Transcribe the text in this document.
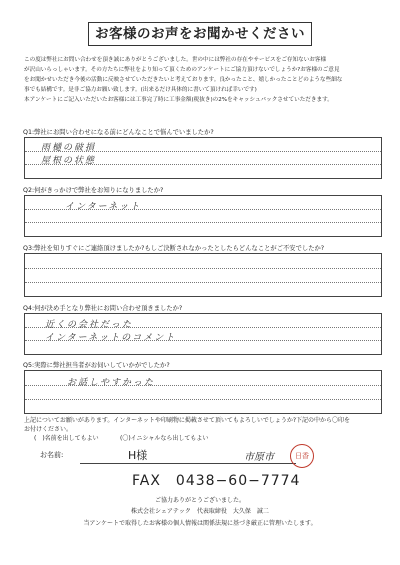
お客様のお声をお聞かせください
この度は弊社にお問い合わせを頂き誠にありがとうございました。世の中には弊社の存在やサービスをご存知ないお客様
が沢山いらっしゃいます。その方たちに弊社をより知って頂くためのアンケートにご協力頂けないでしょうか?お客様のご意見
をお聞かせいただき今後の活動に反映させていただきたいと考えております。良かったこと、嬉しかったことどのような些細な
事でも結構です。是非ご協力お願い致します。(出来るだけ具体的に書いて頂ければ幸いです)
本アンケートにご記入いただいたお客様には工事完了時に工事金額(税抜き)の2%をキャッシュバックさせていただきます。
Q1:弊社にお問い合わせになる前にどんなことで悩んでいましたか?
雨樋の破損
屋根の状態
Q2:何がきっかけで弊社をお知りになりましたか?
インターネット
Q3:弊社を知りすぐにご連絡頂けましたか?もしご決断されなかったとしたらどんなことがご不安でしたか?
Q4:何が決め手となり弊社にお問い合わせ頂きましたか?
近くの会社だった
インターネットのコメント
Q5:実際に弊社担当者がお伺いしていかがでしたか?
お話しやすかった
上記についてお願いがあります。インターネットや印刷物に掲載させて頂いてもよろしいでしょうか?下記の中から〇印を
お付けください。
(　)名前を出してもよい	(〇)イニシャルなら出してもよい
お名前:	H様	市原市	日香
FAX　0438−60−7774
ご協力ありがとうございました。
株式会社シェアテック　代表取締役　大久保　誠二
当アンケートで取得したお客様の個人情報は関係法規に基づき厳正に管理いたします。
